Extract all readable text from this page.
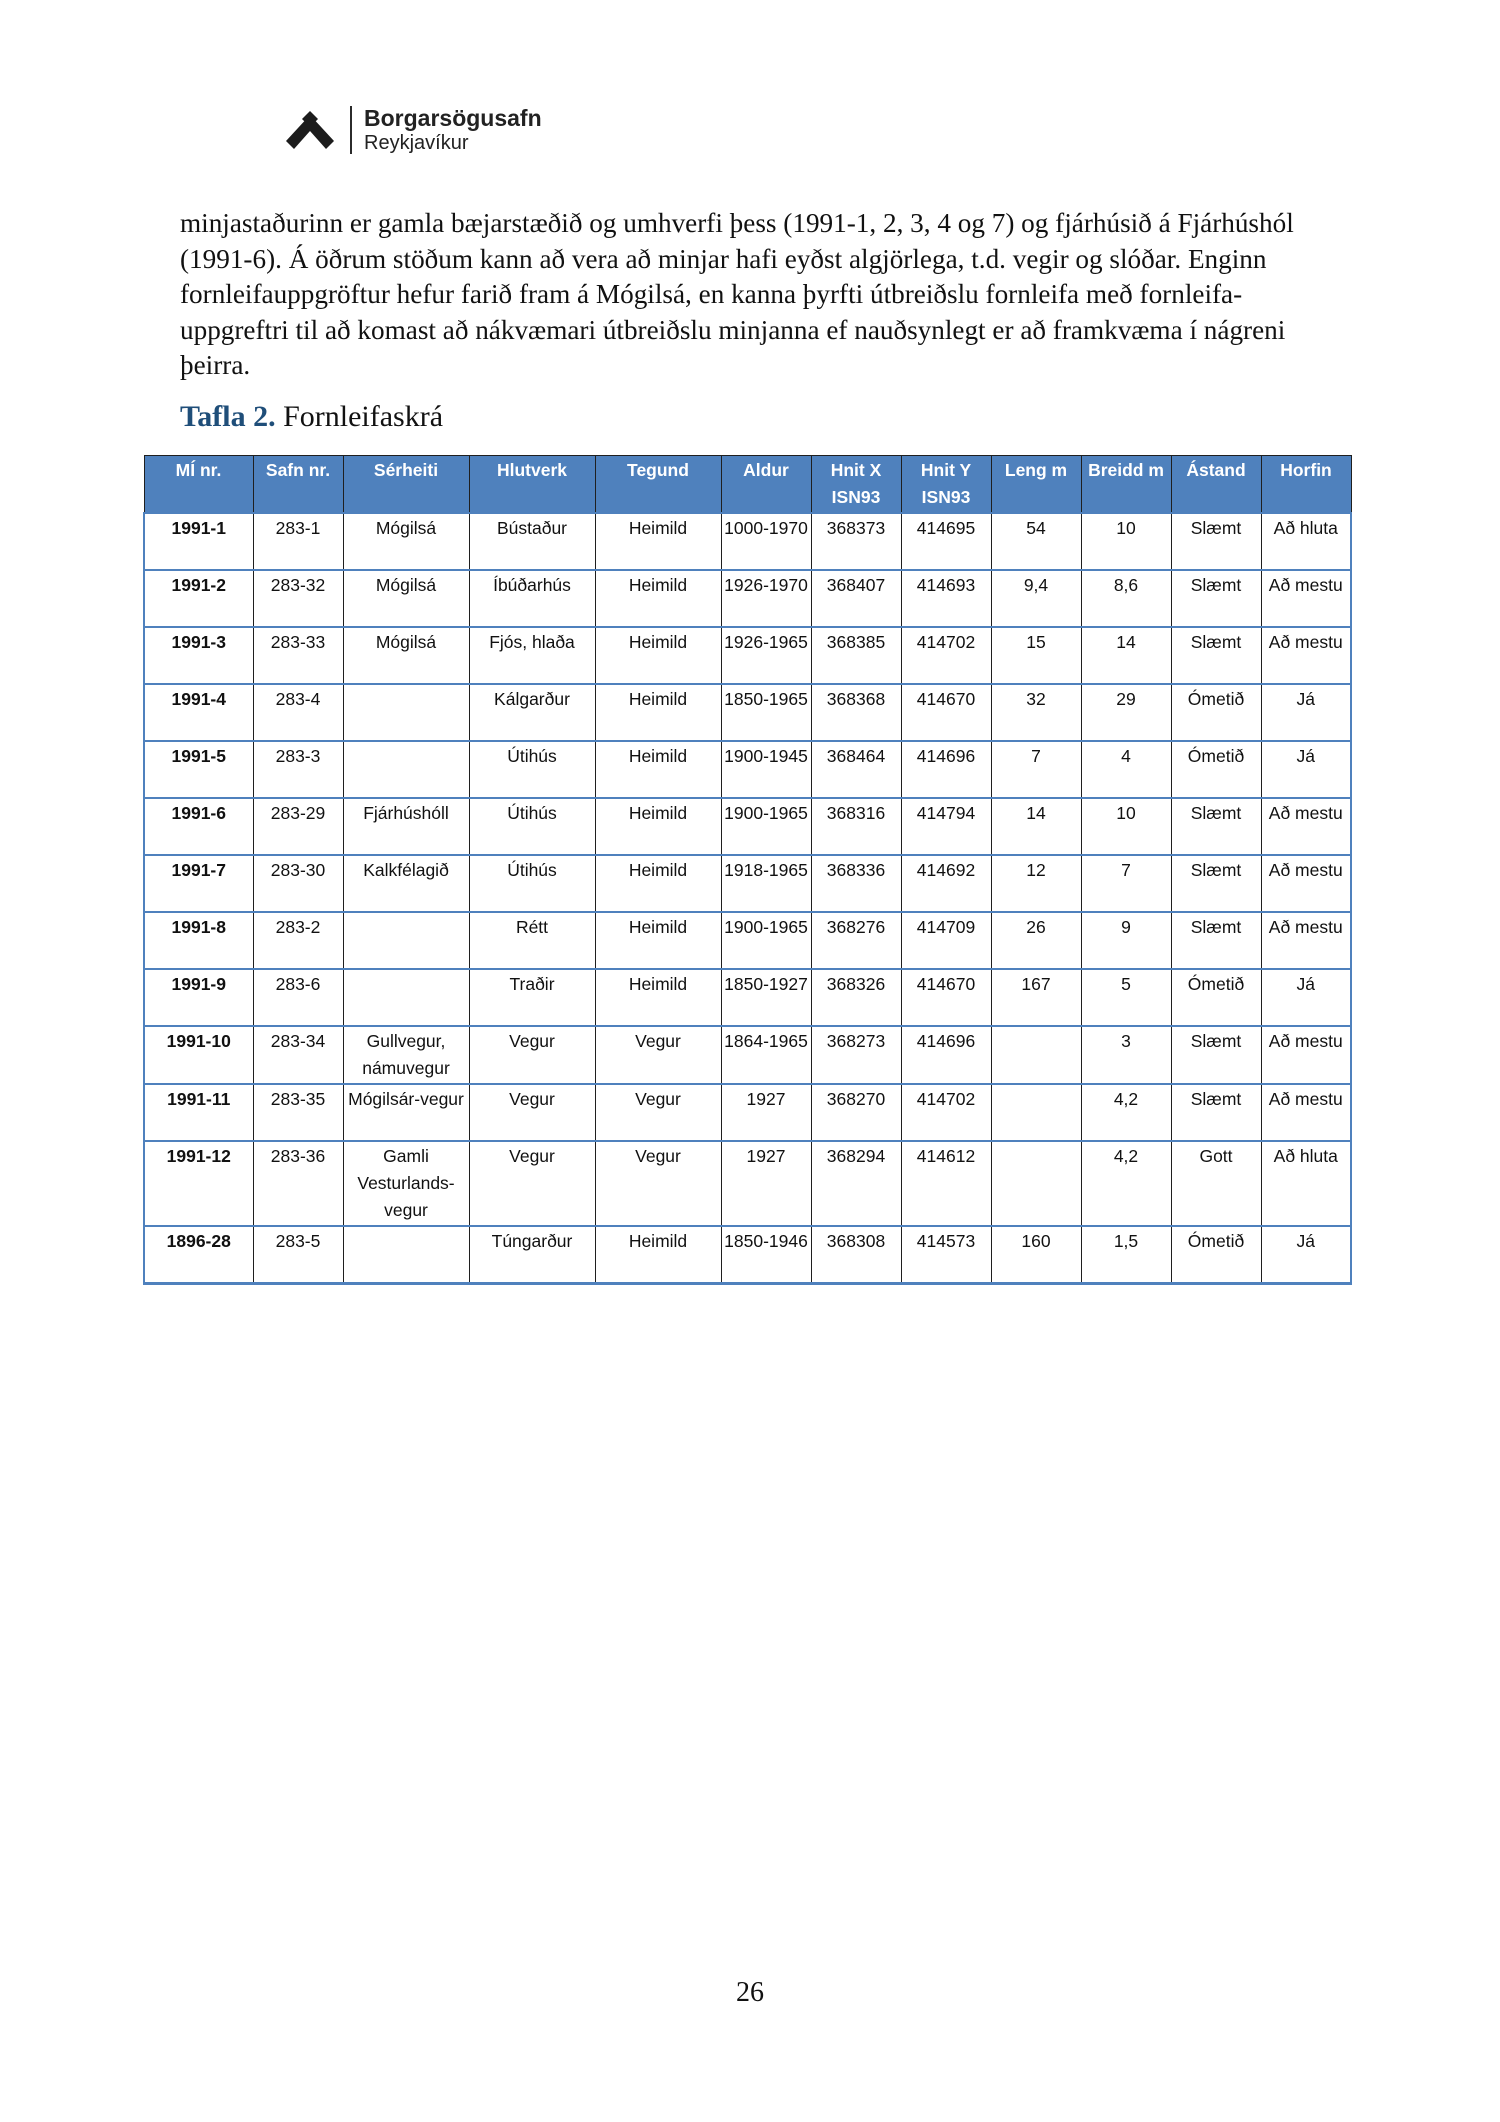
Borgarsögusafn
Reykjavíkur

minjastaðurinn er gamla bæjarstæðið og umhverfi þess (1991-1, 2, 3, 4 og 7) og fjárhúsið á Fjárhúshól (1991-6). Á öðrum stöðum kann að vera að minjar hafi eyðst algjörlega, t.d. vegir og slóðar. Enginn fornleifauppgröftur hefur farið fram á Mógilsá, en kanna þyrfti útbreiðslu fornleifa með fornleifa-uppgreftri til að komast að nákvæmari útbreiðslu minjanna ef nauðsynlegt er að framkvæma í nágreni þeirra.

Tafla 2. Fornleifaskrá

MÍ nr.	Safn nr.	Sérheiti	Hlutverk	Tegund	Aldur	Hnit X ISN93	Hnit Y ISN93	Leng m	Breidd m	Ástand	Horfin
1991-1	283-1	Mógilsá	Bústaður	Heimild	1000-1970	368373	414695	54	10	Slæmt	Að hluta
1991-2	283-32	Mógilsá	Íbúðarhús	Heimild	1926-1970	368407	414693	9,4	8,6	Slæmt	Að mestu
1991-3	283-33	Mógilsá	Fjós, hlaða	Heimild	1926-1965	368385	414702	15	14	Slæmt	Að mestu
1991-4	283-4		Kálgarður	Heimild	1850-1965	368368	414670	32	29	Ómetið	Já
1991-5	283-3		Útihús	Heimild	1900-1945	368464	414696	7	4	Ómetið	Já
1991-6	283-29	Fjárhúshóll	Útihús	Heimild	1900-1965	368316	414794	14	10	Slæmt	Að mestu
1991-7	283-30	Kalkfélagið	Útihús	Heimild	1918-1965	368336	414692	12	7	Slæmt	Að mestu
1991-8	283-2		Rétt	Heimild	1900-1965	368276	414709	26	9	Slæmt	Að mestu
1991-9	283-6		Traðir	Heimild	1850-1927	368326	414670	167	5	Ómetið	Já
1991-10	283-34	Gullvegur, námuvegur	Vegur	Vegur	1864-1965	368273	414696		3	Slæmt	Að mestu
1991-11	283-35	Mógilsár-vegur	Vegur	Vegur	1927	368270	414702		4,2	Slæmt	Að mestu
1991-12	283-36	Gamli Vesturlands-vegur	Vegur	Vegur	1927	368294	414612		4,2	Gott	Að hluta
1896-28	283-5		Túngarður	Heimild	1850-1946	368308	414573	160	1,5	Ómetið	Já
26
